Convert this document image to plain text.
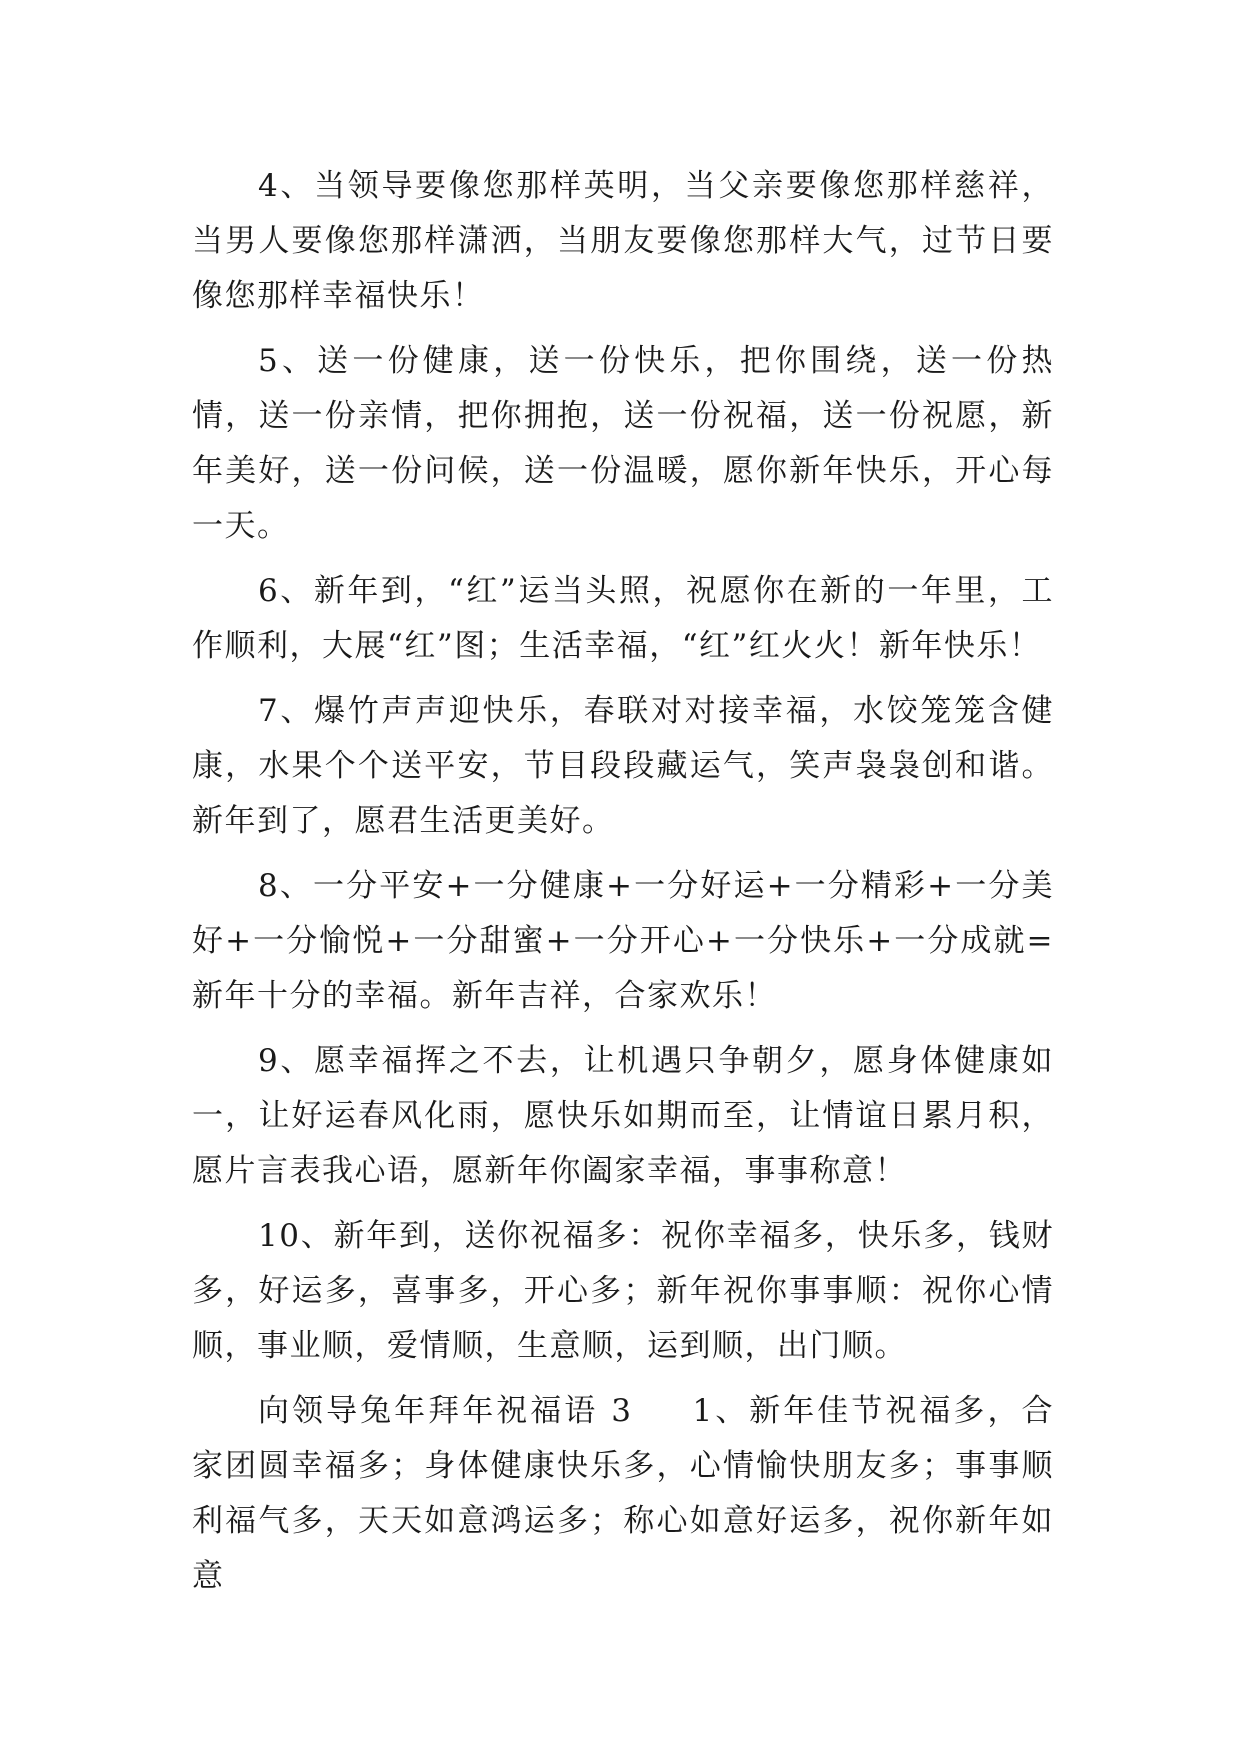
4、当领导要像您那样英明，当父亲要像您那样慈祥，当男人要像您那样潇洒，当朋友要像您那样大气，过节日要像您那样幸福快乐！

5、送一份健康，送一份快乐，把你围绕，送一份热情，送一份亲情，把你拥抱，送一份祝福，送一份祝愿，新年美好，送一份问候，送一份温暖，愿你新年快乐，开心每一天。

6、新年到，“红”运当头照，祝愿你在新的一年里，工作顺利，大展“红”图；生活幸福，“红”红火火！新年快乐！

7、爆竹声声迎快乐，春联对对接幸福，水饺笼笼含健康，水果个个送平安，节目段段藏运气，笑声袅袅创和谐。新年到了，愿君生活更美好。

8、一分平安+一分健康+一分好运+一分精彩+一分美好+一分愉悦+一分甜蜜+一分开心+一分快乐+一分成就=新年十分的幸福。新年吉祥，合家欢乐！

9、愿幸福挥之不去，让机遇只争朝夕，愿身体健康如一，让好运春风化雨，愿快乐如期而至，让情谊日累月积，愿片言表我心语，愿新年你阖家幸福，事事称意！

10、新年到，送你祝福多：祝你幸福多，快乐多，钱财多，好运多，喜事多，开心多；新年祝你事事顺：祝你心情顺，事业顺，爱情顺，生意顺，运到顺，出门顺。

向领导兔年拜年祝福语 3 1、新年佳节祝福多，合家团圆幸福多；身体健康快乐多，心情愉快朋友多；事事顺利福气多，天天如意鸿运多；称心如意好运多，祝你新年如意
